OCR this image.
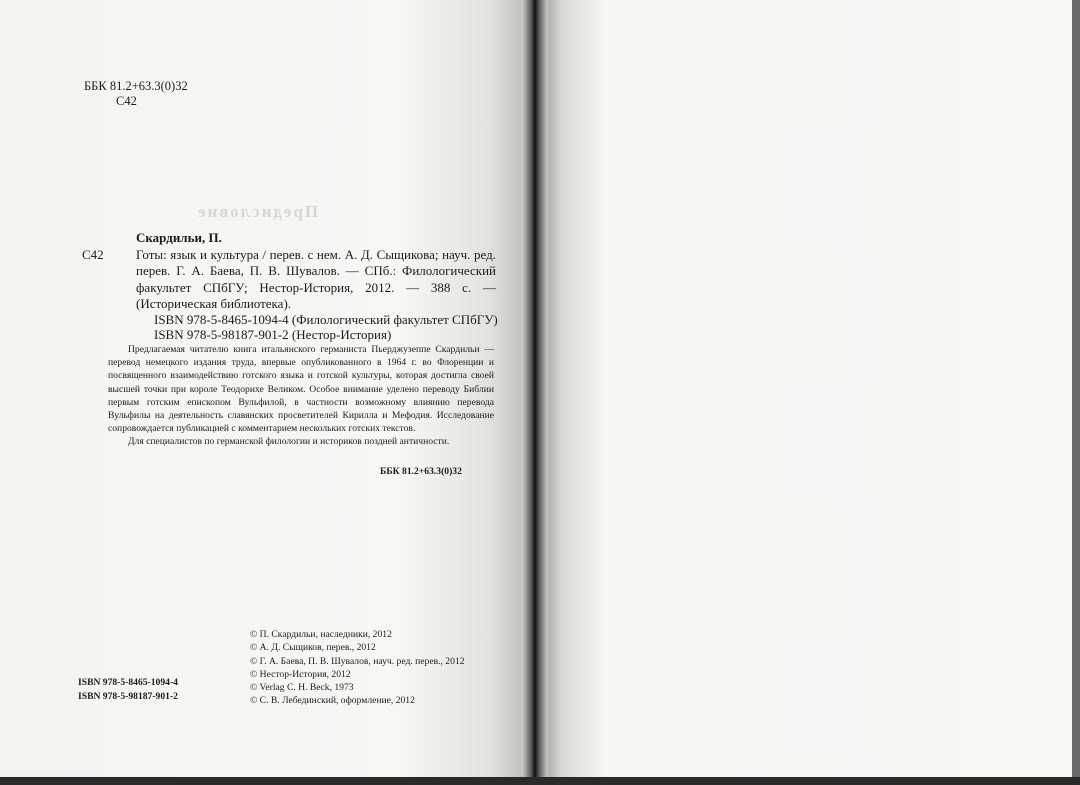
Предисловие
ББК 81.2+63.3(0)32
С42
Скардильи, П.
С42 Готы: язык и культура / перев. с нем. А. Д. Сыщикова; науч. ред. перев. Г. А. Баева, П. В. Шувалов. — СПб.: Филологический факультет СПбГУ; Нестор-История, 2012. — 388 с. — (Историческая библиотека).

ISBN 978-5-8465-1094-4 (Филологический факультет СПбГУ)
ISBN 978-5-98187-901-2 (Нестор-История)

Предлагаемая читателю книга итальянского германиста Пьерджузеппе Скардильи — перевод немецкого издания труда, впервые опубликованного в 1964 г. во Флоренции и посвященного взаимодействию готского языка и готской культуры, которая достигла своей высшей точки при короле Теодорихе Великом. Особое внимание уделено переводу Библии первым готским епископом Вульфилой, в частности возможному влиянию перевода Вульфилы на деятельность славянских просветителей Кирилла и Мефодия. Исследование сопровождается публикацией с комментарием нескольких готских текстов.

Для специалистов по германской филологии и историков поздней античности.

ББК 81.2+63.3(0)32
© П. Скардильи, наследники, 2012
© А. Д. Сыщиков, перев., 2012
© Г. А. Баева, П. В. Шувалов, науч. ред. перев., 2012
© Нестор-История, 2012
© Verlag C. H. Beck, 1973
© С. В. Лебединский, оформление, 2012
ISBN 978-5-8465-1094-4
ISBN 978-5-98187-901-2
